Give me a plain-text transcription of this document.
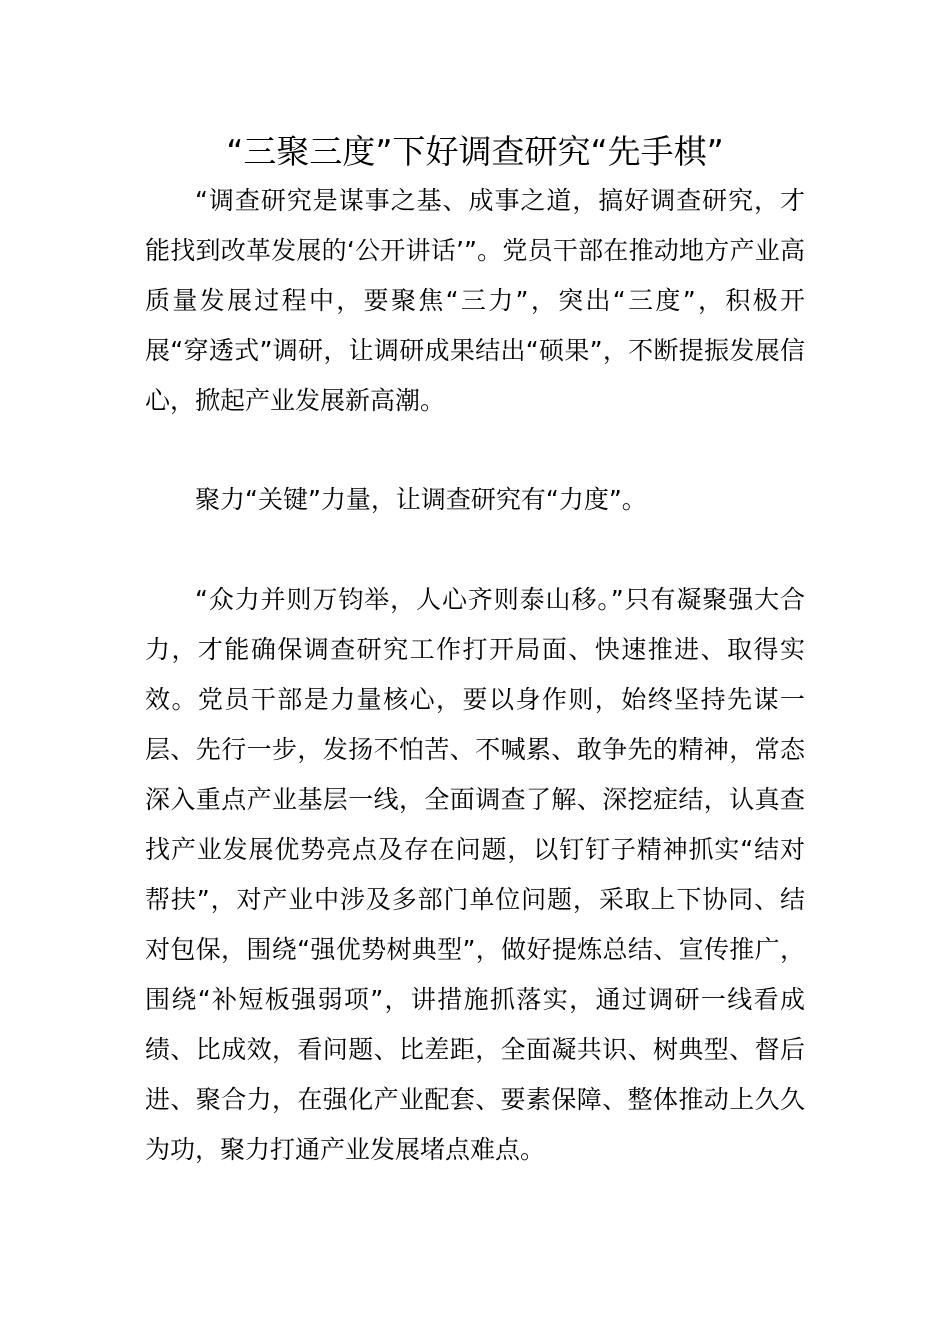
“三聚三度”下好调查研究“先手棋”

“调查研究是谋事之基、成事之道，搞好调查研究，才能找到改革发展的‘公开讲话’”。党员干部在推动地方产业高质量发展过程中，要聚焦“三力”，突出“三度”，积极开展“穿透式”调研，让调研成果结出“硕果”，不断提振发展信心，掀起产业发展新高潮。

聚力“关键”力量，让调查研究有“力度”。

“众力并则万钧举，人心齐则泰山移。”只有凝聚强大合力，才能确保调查研究工作打开局面、快速推进、取得实效。党员干部是力量核心，要以身作则，始终坚持先谋一层、先行一步，发扬不怕苦、不喊累、敢争先的精神，常态深入重点产业基层一线，全面调查了解、深挖症结，认真查找产业发展优势亮点及存在问题，以钉钉子精神抓实“结对帮扶”，对产业中涉及多部门单位问题，采取上下协同、结对包保，围绕“强优势树典型”，做好提炼总结、宣传推广，围绕“补短板强弱项”，讲措施抓落实，通过调研一线看成绩、比成效，看问题、比差距，全面凝共识、树典型、督后进、聚合力，在强化产业配套、要素保障、整体推动上久久为功，聚力打通产业发展堵点难点。
